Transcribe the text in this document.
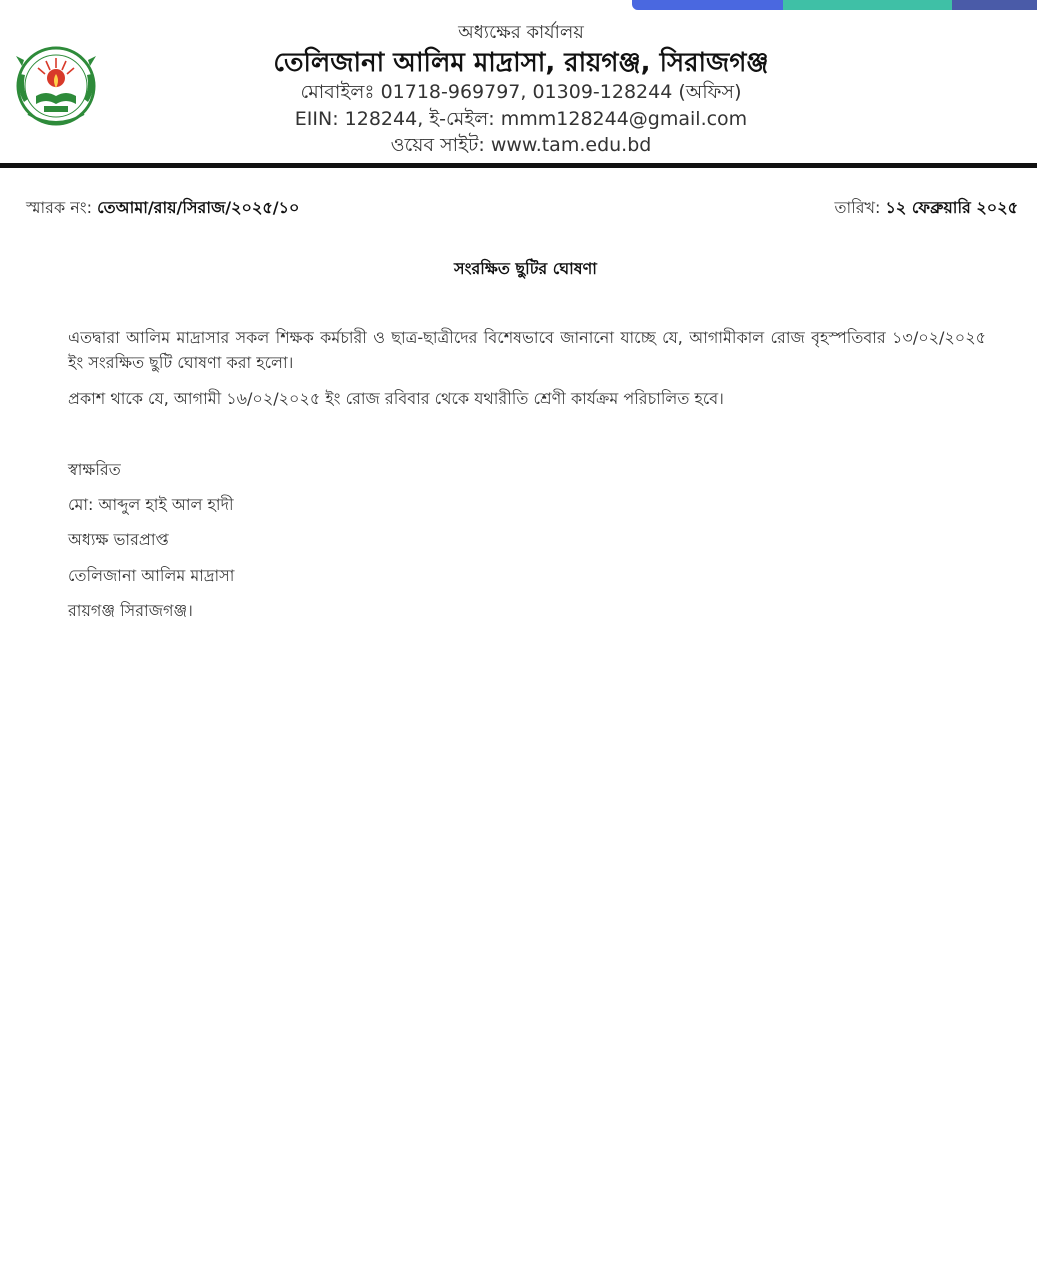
অধ্যক্ষের কার্যালয়
তেলিজানা আলিম মাদ্রাসা, রায়গঞ্জ, সিরাজগঞ্জ
মোবাইলঃ 01718-969797, 01309-128244 (অফিস)
EIIN: 128244, ই-মেইল: mmm128244@gmail.com
ওয়েব সাইট: www.tam.edu.bd
স্মারক নং: তেআমা/রায়/সিরাজ/২০২৫/১০	তারিখ: ১২ ফেব্রুয়ারি ২০২৫
সংরক্ষিত ছুটির ঘোষণা
এতদ্বারা আলিম মাদ্রাসার সকল শিক্ষক কর্মচারী ও ছাত্র-ছাত্রীদের বিশেষভাবে জানানো যাচ্ছে যে, আগামীকাল রোজ বৃহস্পতিবার ১৩/০২/২০২৫ ইং সংরক্ষিত ছুটি ঘোষণা করা হলো।
প্রকাশ থাকে যে, আগামী ১৬/০২/২০২৫ ইং রোজ রবিবার থেকে যথারীতি শ্রেণী কার্যক্রম পরিচালিত হবে।
স্বাক্ষরিত
মো: আব্দুল হাই আল হাদী
অধ্যক্ষ ভারপ্রাপ্ত
তেলিজানা আলিম মাদ্রাসা
রায়গঞ্জ সিরাজগঞ্জ।
